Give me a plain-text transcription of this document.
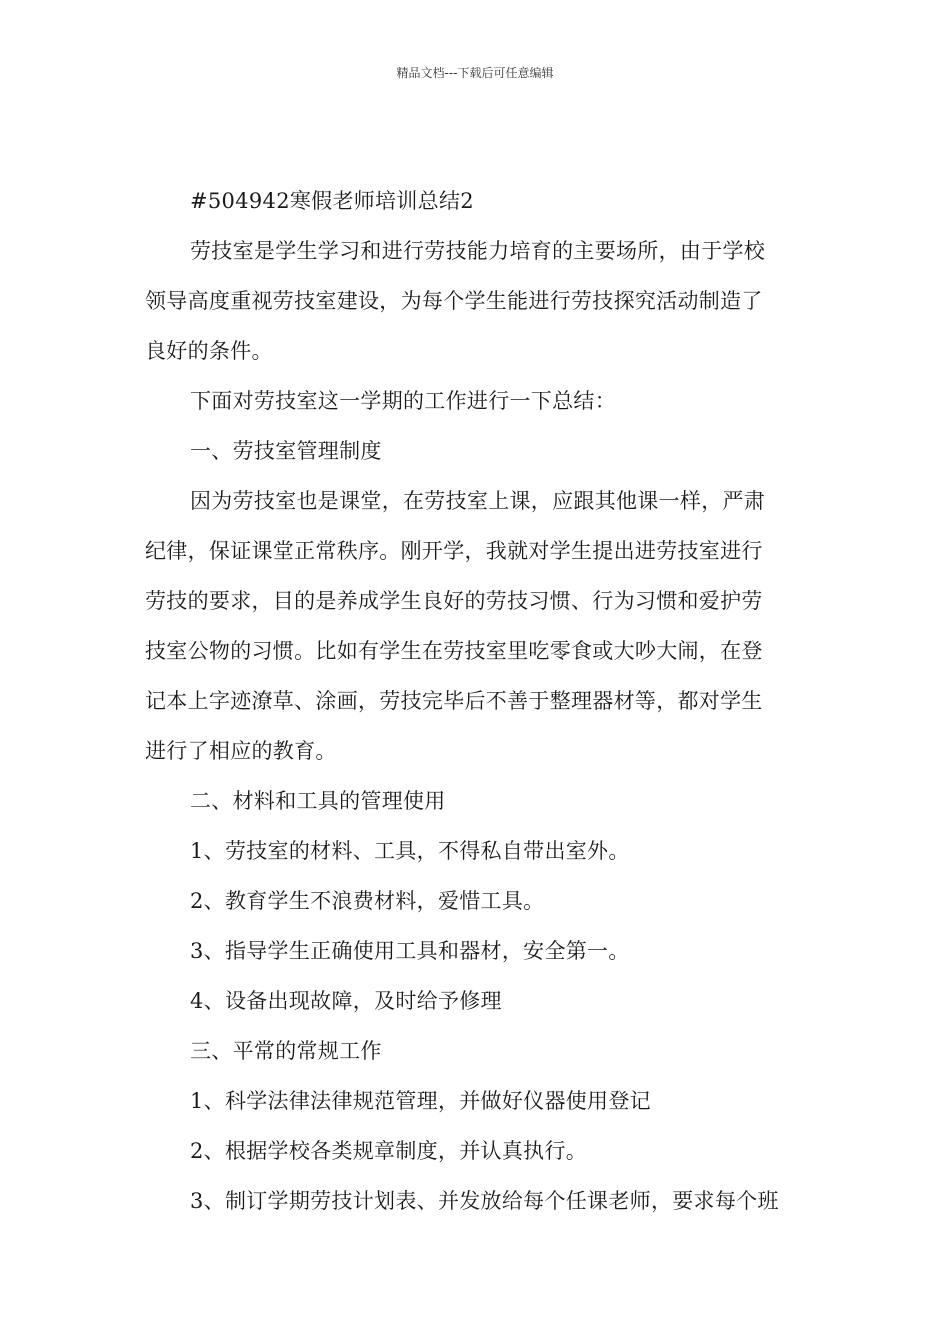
精品文档---下载后可任意编辑
#504942寒假老师培训总结2
劳技室是学生学习和进行劳技能力培育的主要场所，由于学校
领导高度重视劳技室建设，为每个学生能进行劳技探究活动制造了
良好的条件。
下面对劳技室这一学期的工作进行一下总结：
一、劳技室管理制度
因为劳技室也是课堂，在劳技室上课，应跟其他课一样，严肃
纪律，保证课堂正常秩序。刚开学，我就对学生提出进劳技室进行
劳技的要求，目的是养成学生良好的劳技习惯、行为习惯和爱护劳
技室公物的习惯。比如有学生在劳技室里吃零食或大吵大闹，在登
记本上字迹潦草、涂画，劳技完毕后不善于整理器材等，都对学生
进行了相应的教育。
二、材料和工具的管理使用
1、劳技室的材料、工具，不得私自带出室外。
2、教育学生不浪费材料，爱惜工具。
3、指导学生正确使用工具和器材，安全第一。
4、设备出现故障，及时给予修理
三、平常的常规工作
1、科学法律法律规范管理，并做好仪器使用登记
2、根据学校各类规章制度，并认真执行。
3、制订学期劳技计划表、并发放给每个任课老师，要求每个班
